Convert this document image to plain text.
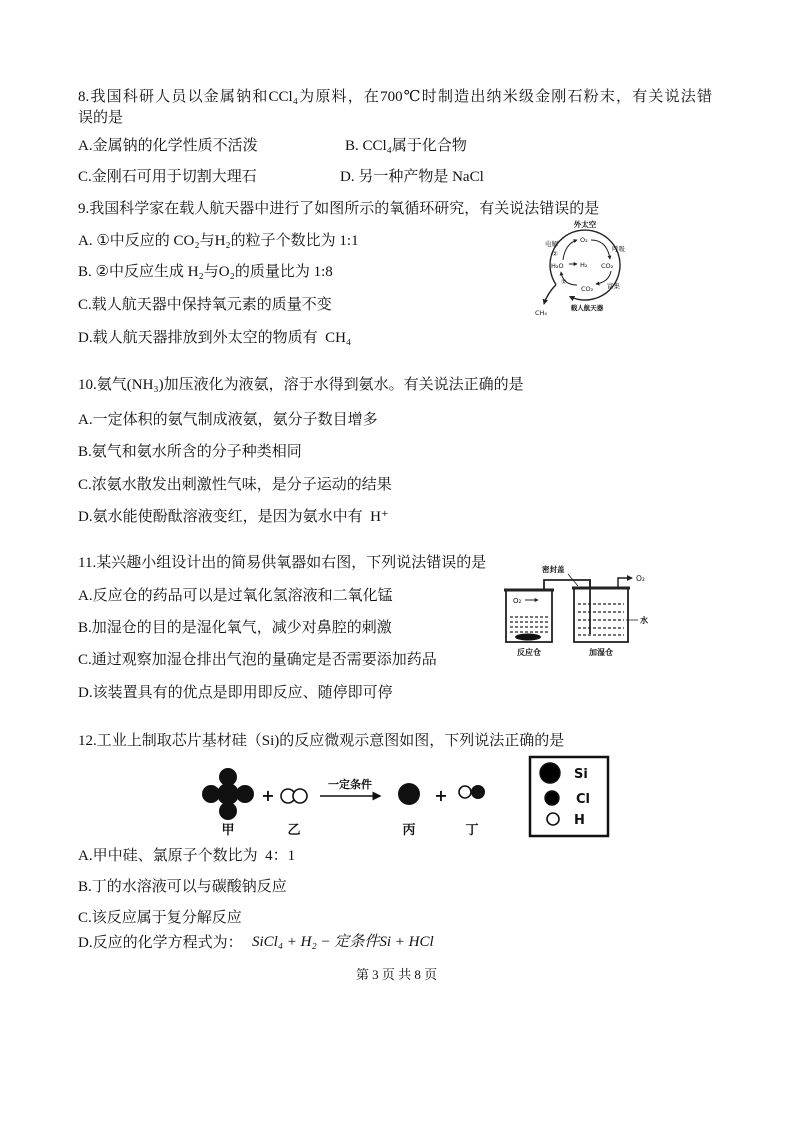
8.我国科研人员以金属钠和CCl₄为原料，在700℃时制造出纳米级金刚石粉末，有关说法错
误的是
A.金属钠的化学性质不活泼	B. CCl₄属于化合物
C.金刚石可用于切割大理石	D. 另一种产物是 NaCl
9.我国科学家在载人航天器中进行了如图所示的氧循环研究，有关说法错误的是
A. ①中反应的 CO₂与H₂的粒子个数比为 1:1
B. ②中反应生成 H₂与O₂的质量比为 1:8
C.载人航天器中保持氧元素的质量不变
D.载人航天器排放到外太空的物质有  CH₄
外太空
电解
②
O₂
呼吸
H₂O	H₂ CO₂
①
CO₂ 富集
载人航天器
CH₄
10.氨气(NH₃)加压液化为液氨，溶于水得到氨水。有关说法正确的是
A.一定体积的氨气制成液氨，氨分子数目增多
B.氨气和氨水所含的分子种类相同
C.浓氨水散发出刺激性气味，是分子运动的结果
D.氨水能使酚酞溶液变红，是因为氨水中有  H⁺
11.某兴趣小组设计出的简易供氧器如右图，下列说法错误的是
A.反应仓的药品可以是过氧化氢溶液和二氧化锰
B.加湿仓的目的是湿化氧气，减少对鼻腔的刺激
C.通过观察加湿仓排出气泡的量确定是否需要添加药品
D.该装置具有的优点是即用即反应、随停即可停
O₂
O₂
密封盖
水
反应仓	加湿仓
12.工业上制取芯片基材硅（Si)的反应微观示意图如图，下列说法正确的是
甲
+
乙
一定条件
丙
+
丁
Si
Cl
H
A.甲中硅、氯原子个数比为  4：1
B.丁的水溶液可以与碳酸钠反应
C.该反应属于复分解反应
D.反应的化学方程式为： SiCl₄ + H₂ − 定条件Si + HCl
第 3 页 共 8 页
